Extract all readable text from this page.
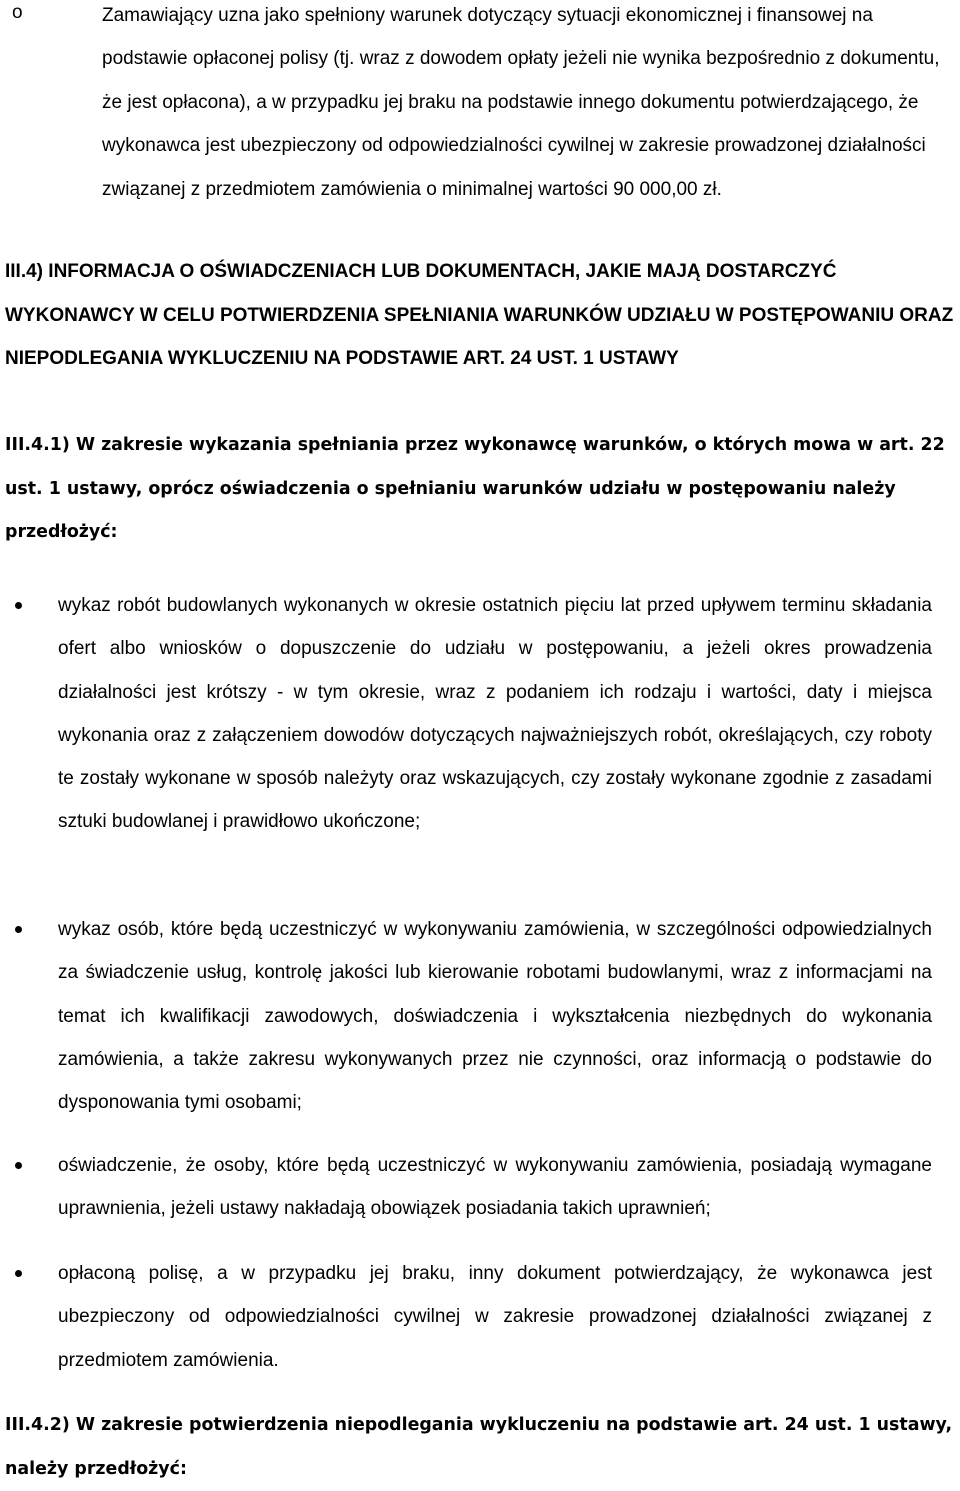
o	Zamawiający uzna jako spełniony warunek dotyczący sytuacji ekonomicznej i finansowej na podstawie opłaconej polisy (tj. wraz z dowodem opłaty jeżeli nie wynika bezpośrednio z dokumentu, że jest opłacona), a w przypadku jej braku na podstawie innego dokumentu potwierdzającego, że wykonawca jest ubezpieczony od odpowiedzialności cywilnej w zakresie prowadzonej działalności związanej z przedmiotem zamówienia o minimalnej wartości 90 000,00 zł.
III.4) INFORMACJA O OŚWIADCZENIACH LUB DOKUMENTACH, JAKIE MAJĄ DOSTARCZYĆ WYKONAWCY W CELU POTWIERDZENIA SPEŁNIANIA WARUNKÓW UDZIAŁU W POSTĘPOWANIU ORAZ NIEPODLEGANIA WYKLUCZENIU NA PODSTAWIE ART. 24 UST. 1 USTAWY

III.4.1) W zakresie wykazania spełniania przez wykonawcę warunków, o których mowa w art. 22 ust. 1 ustawy, oprócz oświadczenia o spełnianiu warunków udziału w postępowaniu należy przedłożyć:

wykaz robót budowlanych wykonanych w okresie ostatnich pięciu lat przed upływem terminu składania ofert albo wniosków o dopuszczenie do udziału w postępowaniu, a jeżeli okres prowadzenia działalności jest krótszy - w tym okresie, wraz z podaniem ich rodzaju i wartości, daty i miejsca wykonania oraz z załączeniem dowodów dotyczących najważniejszych robót, określających, czy roboty te zostały wykonane w sposób należyty oraz wskazujących, czy zostały wykonane zgodnie z zasadami sztuki budowlanej i prawidłowo ukończone;
wykaz osób, które będą uczestniczyć w wykonywaniu zamówienia, w szczególności odpowiedzialnych za świadczenie usług, kontrolę jakości lub kierowanie robotami budowlanymi, wraz z informacjami na temat ich kwalifikacji zawodowych, doświadczenia i wykształcenia niezbędnych do wykonania zamówienia, a także zakresu wykonywanych przez nie czynności, oraz informacją o podstawie do dysponowania tymi osobami;
oświadczenie, że osoby, które będą uczestniczyć w wykonywaniu zamówienia, posiadają wymagane uprawnienia, jeżeli ustawy nakładają obowiązek posiadania takich uprawnień;
opłaconą polisę, a w przypadku jej braku, inny dokument potwierdzający, że wykonawca jest ubezpieczony od odpowiedzialności cywilnej w zakresie prowadzonej działalności związanej z przedmiotem zamówienia.

III.4.2) W zakresie potwierdzenia niepodlegania wykluczeniu na podstawie art. 24 ust. 1 ustawy, należy przedłożyć:
